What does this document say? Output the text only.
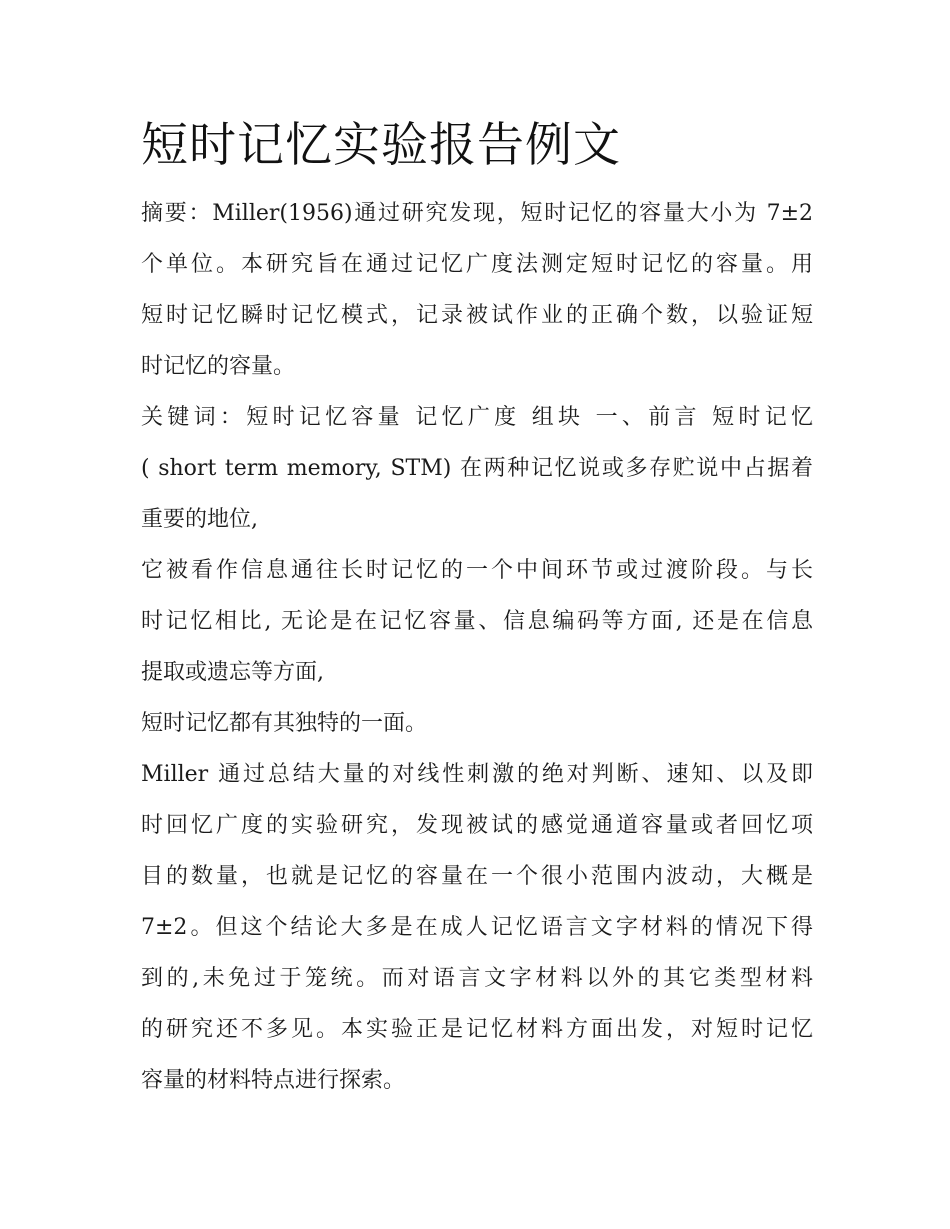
短时记忆实验报告例文

摘要：Miller(1956)通过研究发现，短时记忆的容量大小为 7±2
个单位。本研究旨在通过记忆广度法测定短时记忆的容量。用
短时记忆瞬时记忆模式，记录被试作业的正确个数，以验证短
时记忆的容量。

关键词：短时记忆容量 记忆广度 组块 一、前言 短时记忆
( short term memory, STM) 在两种记忆说或多存贮说中占据着
重要的地位,

它被看作信息通往长时记忆的一个中间环节或过渡阶段。与长
时记忆相比, 无论是在记忆容量、信息编码等方面, 还是在信息
提取或遗忘等方面,

短时记忆都有其独特的一面。

Miller 通过总结大量的对线性刺激的绝对判断、速知、以及即
时回忆广度的实验研究，发现被试的感觉通道容量或者回忆项
目的数量，也就是记忆的容量在一个很小范围内波动，大概是
7±2。但这个结论大多是在成人记忆语言文字材料的情况下得
到的,未免过于笼统。而对语言文字材料以外的其它类型材料
的研究还不多见。本实验正是记忆材料方面出发，对短时记忆
容量的材料特点进行探索。
